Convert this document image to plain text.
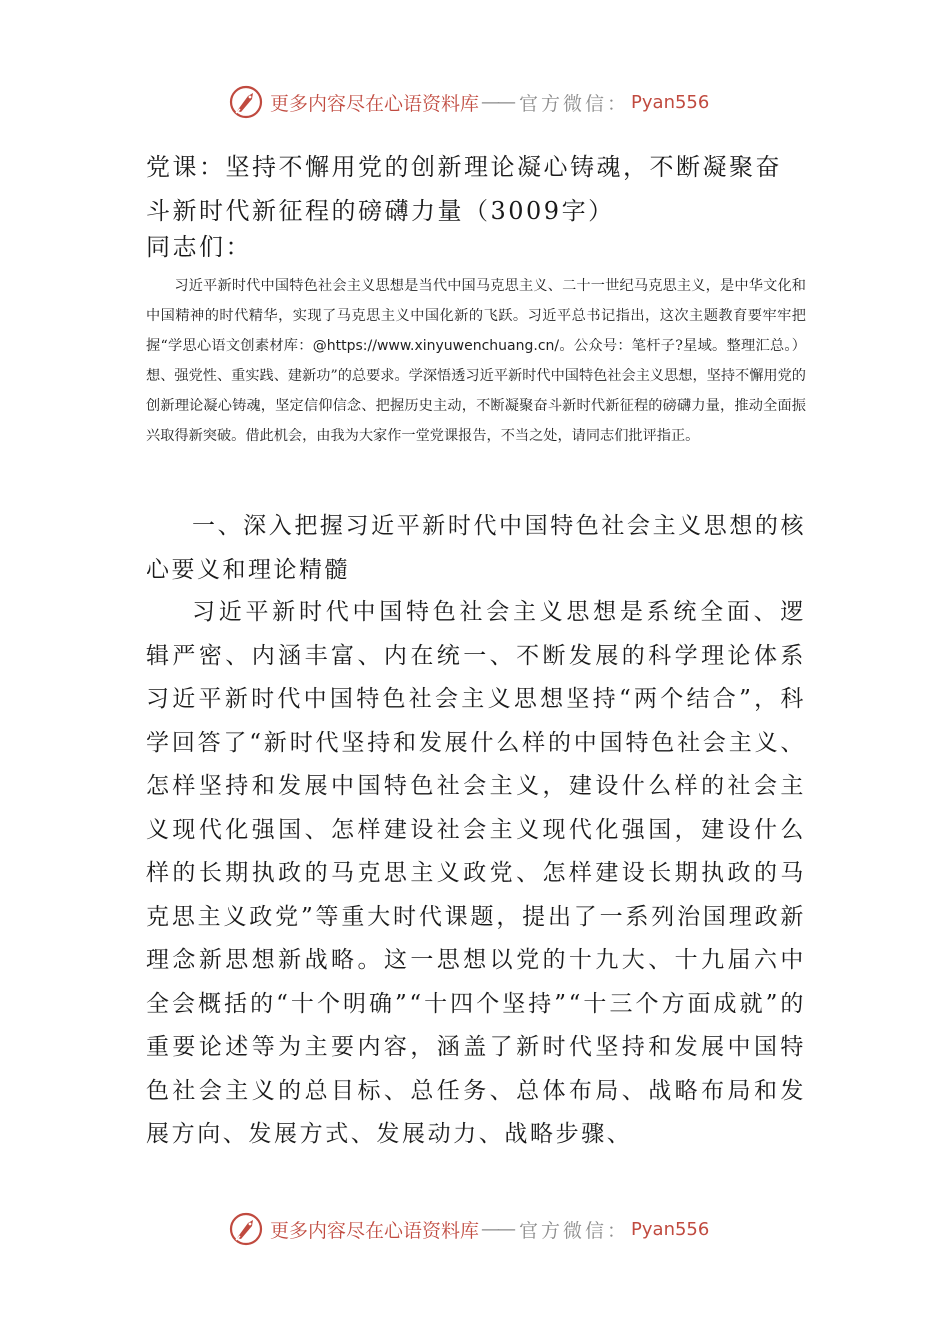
更多内容尽在心语资料库 —— 官方微信： Pyan556
党课：坚持不懈用党的创新理论凝心铸魂，不断凝聚奋斗新时代新征程的磅礴力量（3009字）
同志们：
习近平新时代中国特色社会主义思想是当代中国马克思主义、二十一世纪马克思主义，是中华文化和中国精神的时代精华，实现了马克思主义中国化新的飞跃。习近平总书记指出，这次主题教育要牢牢把握“学思心语文创素材库：@https://www.xinyuwenchuang.cn/。公众号：笔杆子?星域。整理汇总。）想、强党性、重实践、建新功”的总要求。学深悟透习近平新时代中国特色社会主义思想，坚持不懈用党的创新理论凝心铸魂，坚定信仰信念、把握历史主动，不断凝聚奋斗新时代新征程的磅礴力量，推动全面振兴取得新突破。借此机会，由我为大家作一堂党课报告，不当之处，请同志们批评指正。
一、深入把握习近平新时代中国特色社会主义思想的核心要义和理论精髓
习近平新时代中国特色社会主义思想是系统全面、逻辑严密、内涵丰富、内在统一、不断发展的科学理论体系习近平新时代中国特色社会主义思想坚持“两个结合”，科学回答了“新时代坚持和发展什么样的中国特色社会主义、怎样坚持和发展中国特色社会主义，建设什么样的社会主义现代化强国、怎样建设社会主义现代化强国，建设什么样的长期执政的马克思主义政党、怎样建设长期执政的马克思主义政党”等重大时代课题，提出了一系列治国理政新理念新思想新战略。这一思想以党的十九大、十九届六中全会概括的“十个明确”“十四个坚持”“十三个方面成就”的重要论述等为主要内容，涵盖了新时代坚持和发展中国特色社会主义的总目标、总任务、总体布局、战略布局和发展方向、发展方式、发展动力、战略步骤、
更多内容尽在心语资料库 —— 官方微信： Pyan556
